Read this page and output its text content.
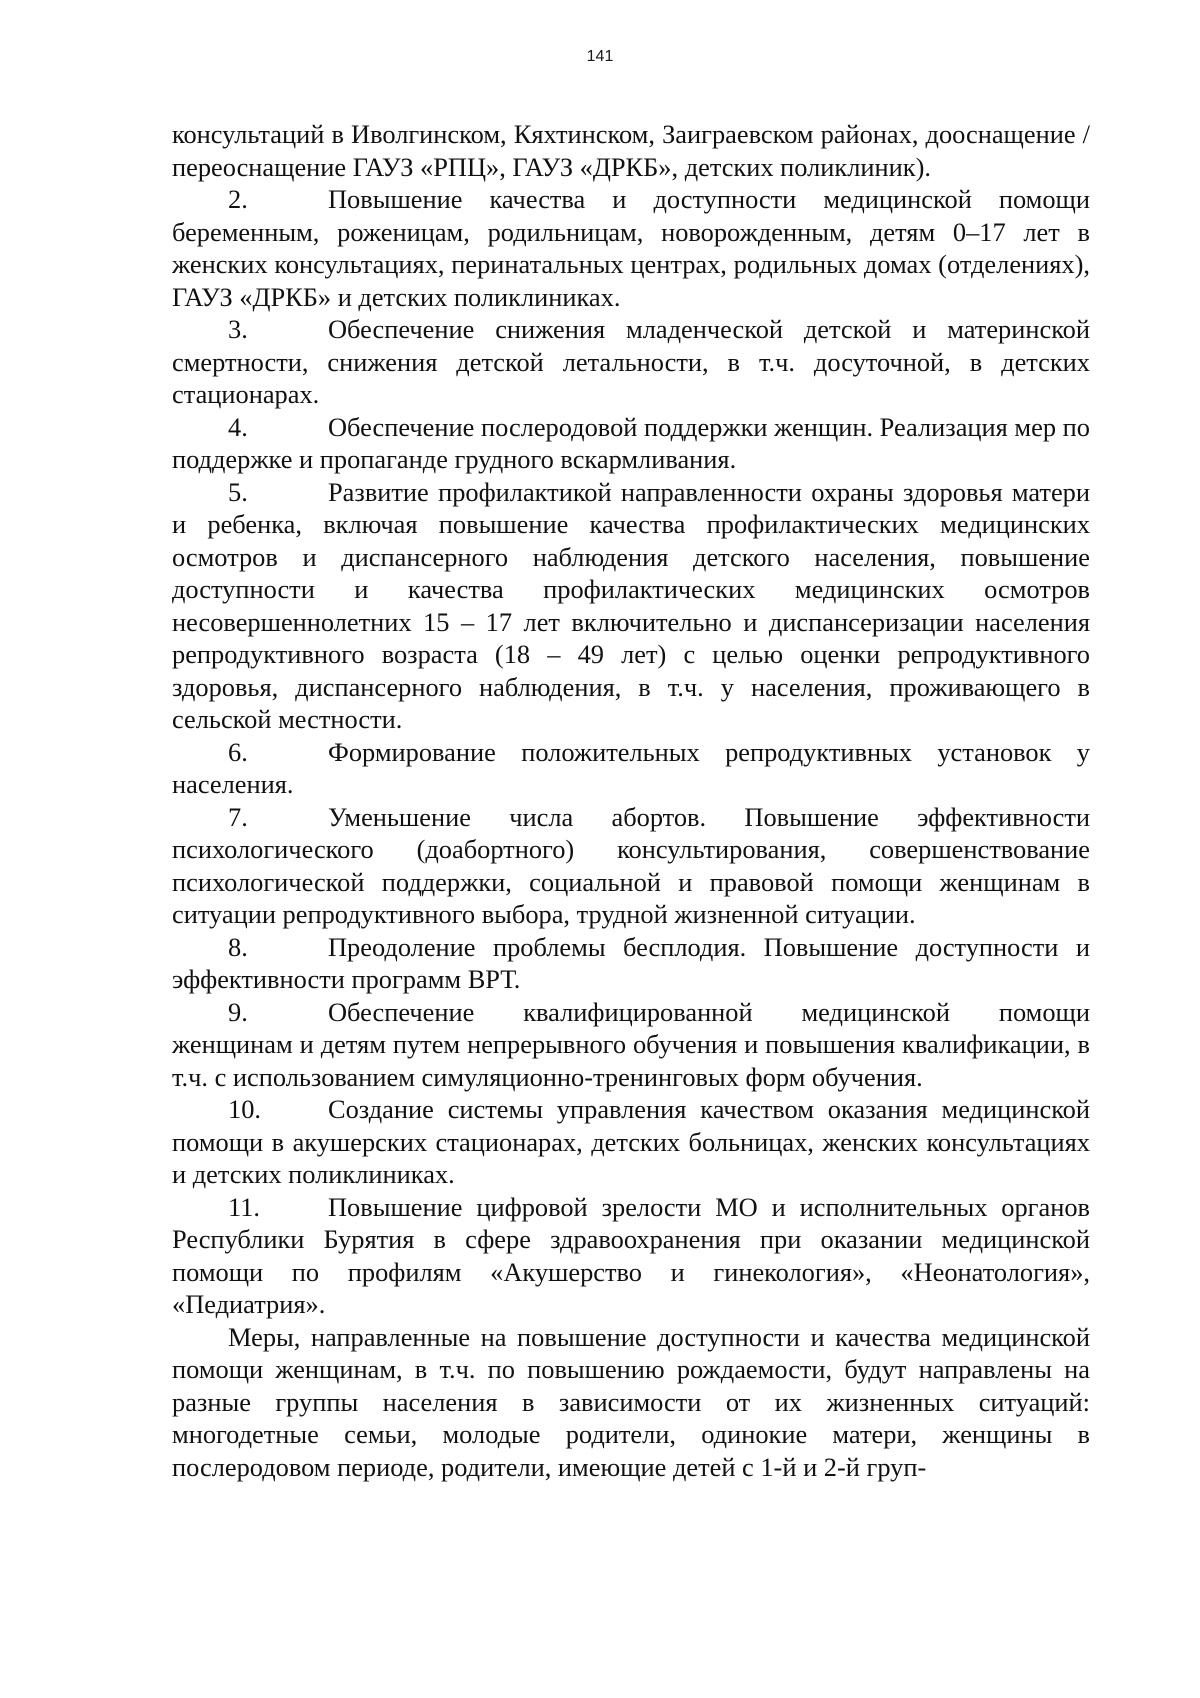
141

консультаций в Иволгинском, Кяхтинском, Заиграевском районах, дооснащение / переоснащение ГАУЗ «РПЦ», ГАУЗ «ДРКБ», детских поликлиник).

2.	Повышение качества и доступности медицинской помощи беременным, роженицам, родильницам, новорожденным, детям 0–17 лет в женских консультациях, перинатальных центрах, родильных домах (отделениях), ГАУЗ «ДРКБ» и детских поликлиниках.

3.	Обеспечение снижения младенческой детской и материнской смертности, снижения детской летальности, в т.ч. досуточной, в детских стационарах.

4.	Обеспечение послеродовой поддержки женщин. Реализация мер по поддержке и пропаганде грудного вскармливания.

5.	Развитие профилактикой направленности охраны здоровья матери и ребенка, включая повышение качества профилактических медицинских осмотров и диспансерного наблюдения детского населения, повышение доступности и качества профилактических медицинских осмотров несовершеннолетних 15 – 17 лет включительно и диспансеризации населения репродуктивного возраста (18 – 49 лет) с целью оценки репродуктивного здоровья, диспансерного наблюдения, в т.ч. у населения, проживающего в сельской местности.

6.	Формирование положительных репродуктивных установок у населения.

7.	Уменьшение числа абортов. Повышение эффективности психологического (доабортного) консультирования, совершенствование психологической поддержки, социальной и правовой помощи женщинам в ситуации репродуктивного выбора, трудной жизненной ситуации.

8.	Преодоление проблемы бесплодия. Повышение доступности и эффективности программ ВРТ.

9.	Обеспечение квалифицированной медицинской помощи женщинам и детям путем непрерывного обучения и повышения квалификации, в т.ч. с использованием симуляционно-тренинговых форм обучения.

10.	Создание системы управления качеством оказания медицинской помощи в акушерских стационарах, детских больницах, женских консультациях и детских поликлиниках.

11.	Повышение цифровой зрелости МО и исполнительных органов Республики Бурятия в сфере здравоохранения при оказании медицинской помощи по профилям «Акушерство и гинекология», «Неонатология», «Педиатрия».

Меры, направленные на повышение доступности и качества медицинской помощи женщинам, в т.ч. по повышению рождаемости, будут направлены на разные группы населения в зависимости от их жизненных ситуаций: многодетные семьи, молодые родители, одинокие матери, женщины в послеродовом периоде, родители, имеющие детей с 1-й и 2-й груп-
